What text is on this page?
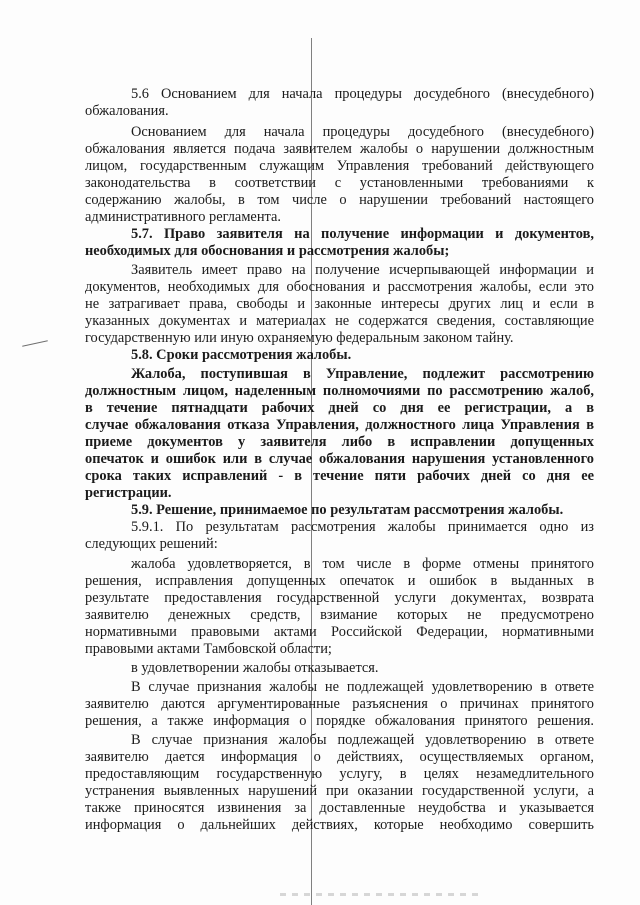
5.6 Основанием для начала процедуры досудебного (внесудебного)
обжалования.
Основанием для начала процедуры досудебного (внесудебного)
обжалования является подача заявителем жалобы о нарушении должностным
лицом, государственным служащим Управления требований действующего
законодательства в соответствии с установленными требованиями к
содержанию жалобы, в том числе о нарушении требований настоящего
административного регламента.
5.7. Право заявителя на получение информации и документов,
необходимых для обоснования и рассмотрения жалобы;
Заявитель имеет право на получение исчерпывающей информации и
документов, необходимых для обоснования и рассмотрения жалобы, если это
не затрагивает права, свободы и законные интересы других лиц и если в
указанных документах и материалах не содержатся сведения, составляющие
государственную или иную охраняемую федеральным законом тайну.
5.8. Сроки рассмотрения жалобы.
Жалоба, поступившая в Управление, подлежит рассмотрению
должностным лицом, наделенным полномочиями по рассмотрению жалоб,
в течение пятнадцати рабочих дней со дня ее регистрации, а в
случае обжалования отказа Управления, должностного лица Управления в
приеме документов у заявителя либо в исправлении допущенных
опечаток и ошибок или в случае обжалования нарушения установленного
срока таких исправлений - в течение пяти рабочих дней со дня ее
регистрации.
5.9. Решение, принимаемое по результатам рассмотрения жалобы.
5.9.1. По результатам рассмотрения жалобы принимается одно из
следующих решений:
жалоба удовлетворяется, в том числе в форме отмены принятого
решения, исправления допущенных опечаток и ошибок в выданных в
результате предоставления государственной услуги документах, возврата
заявителю денежных средств, взимание которых не предусмотрено
нормативными правовыми актами Российской Федерации, нормативными
правовыми актами Тамбовской области;
в удовлетворении жалобы отказывается.
В случае признания жалобы не подлежащей удовлетворению в ответе
заявителю даются аргументированные разъяснения о причинах принятого
решения, а также информация о порядке обжалования принятого решения.
В случае признания жалобы подлежащей удовлетворению в ответе
заявителю дается информация о действиях, осуществляемых органом,
предоставляющим государственную услугу, в целях незамедлительного
устранения выявленных нарушений при оказании государственной услуги, а
также приносятся извинения за доставленные неудобства и указывается
информация о дальнейших действиях, которые необходимо совершить
